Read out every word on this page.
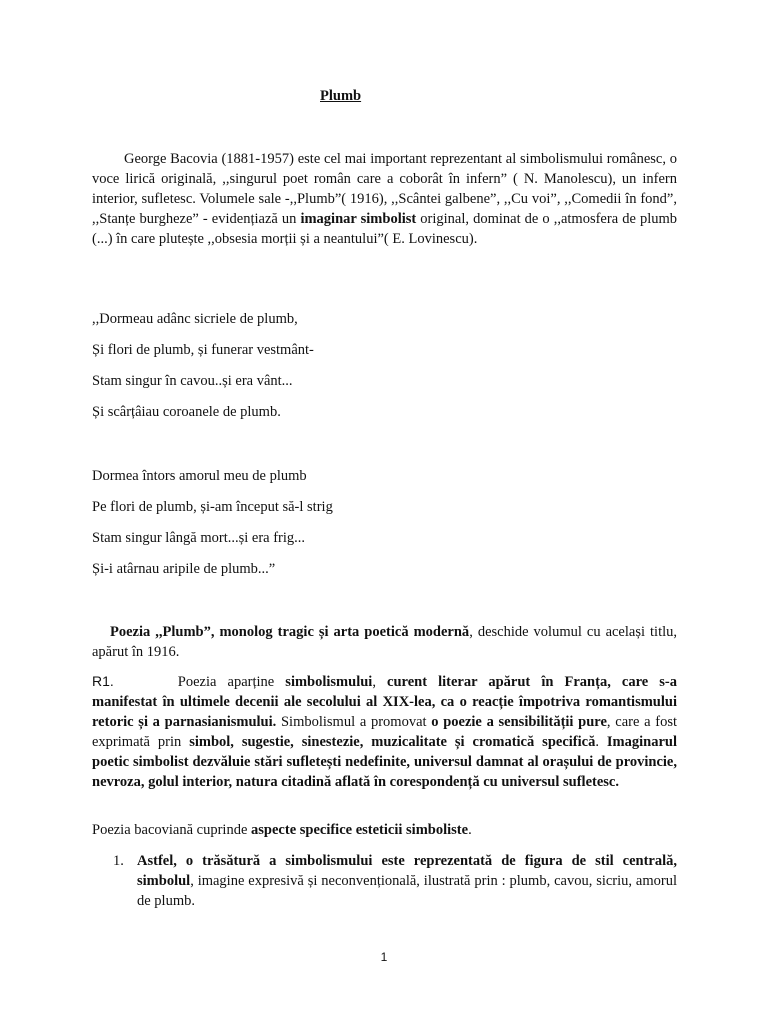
Plumb
George Bacovia (1881-1957) este cel mai important reprezentant al simbolismului românesc, o voce lirică originală, ,,singurul poet român care a coborât în infern” ( N. Manolescu), un infern interior, sufletesc. Volumele sale -,,Plumb”( 1916), ,,Scântei galbene”, ,,Cu voi”, ,,Comedii în fond”, ,,Stanțe burgheze” - evidențiază un imaginar simbolist original, dominat de o ,,atmosfera de plumb (...) în care plutește ,,obsesia morții și a neantului”( E. Lovinescu).

,,Dormeau adânc sicriele de plumb,

Și flori de plumb, și funerar vestmânt-

Stam singur în cavou..și era vânt...

Și scârțâiau coroanele de plumb.

Dormea întors amorul meu de plumb

Pe flori de plumb, și-am început să-l strig

Stam singur lângă mort...și era frig...

Și-i atârnau aripile de plumb...”

Poezia ,,Plumb”, monolog tragic și arta poetică modernă, deschide volumul cu același titlu, apărut în 1916.
R1.	Poezia aparține simbolismului, curent literar apărut în Franța, care s-a manifestat în ultimele decenii ale secolului al XIX-lea, ca o reacție împotriva romantismului retoric și a parnasianismului. Simbolismul a promovat o poezie a sensibilității pure, care a fost exprimată prin simbol, sugestie, sinestezie, muzicalitate și cromatică specifică. Imaginarul poetic simbolist dezvăluie stări sufletești nedefinite, universul damnat al orașului de provincie, nevroza, golul interior, natura citadină aflată în corespondență cu universul sufletesc.
Poezia bacoviană cuprinde aspecte specifice esteticii simboliste.
1. Astfel, o trăsătură a simbolismului este reprezentată de figura de stil centrală, simbolul, imagine expresivă și neconvențională, ilustrată prin : plumb, cavou, sicriu, amorul de plumb.
1
